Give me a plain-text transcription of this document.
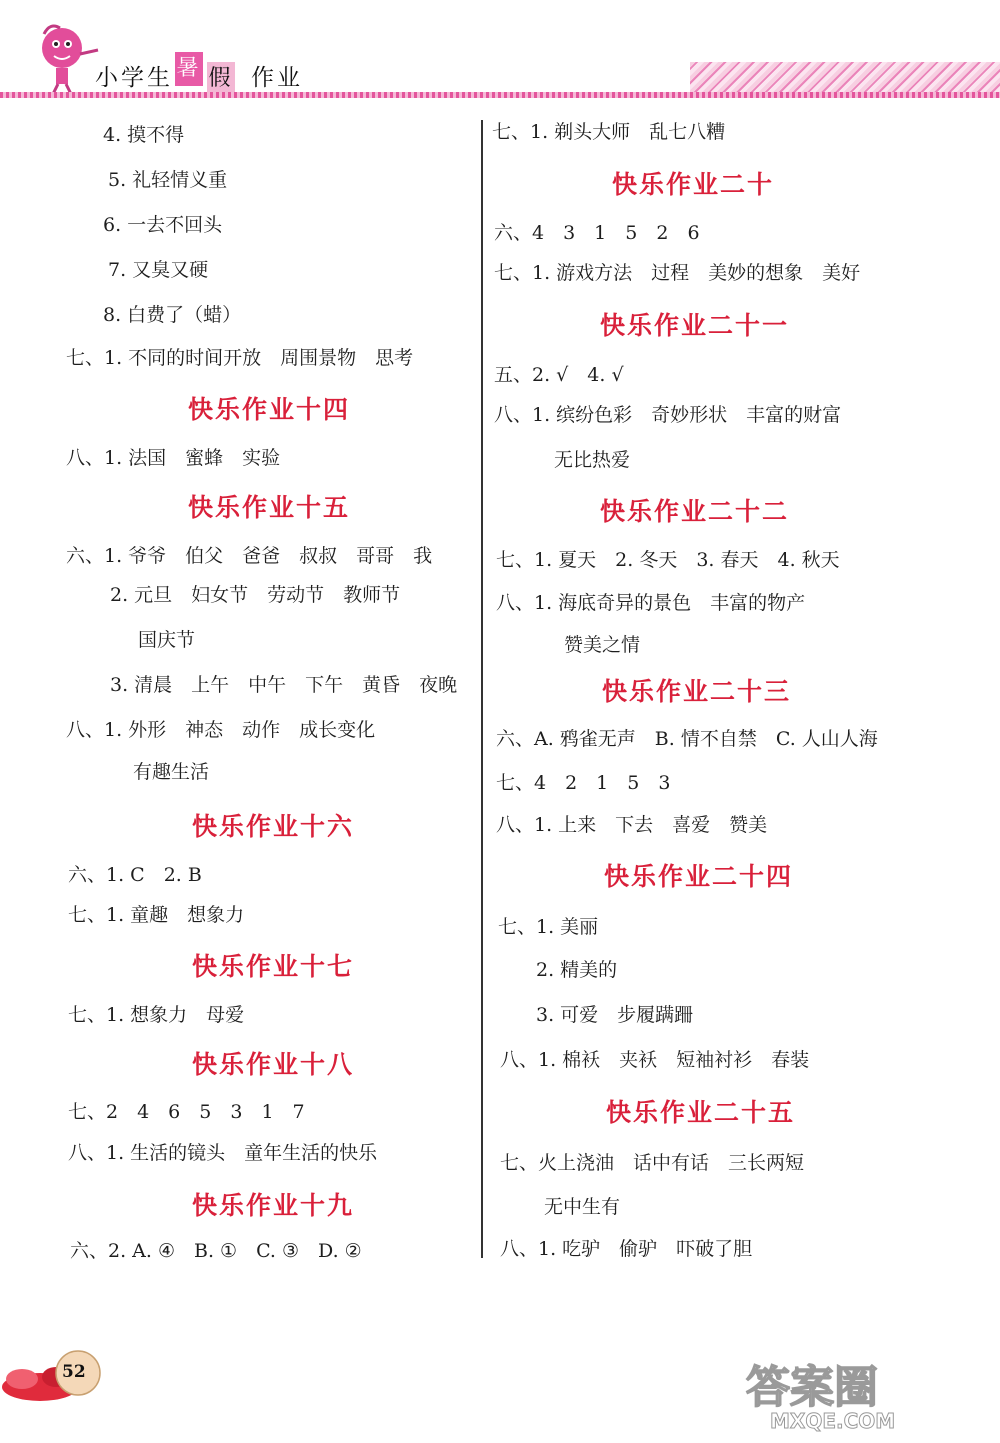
小学生 暑 假 作业
4. 摸不得
5. 礼轻情义重
6. 一去不回头
7. 又臭又硬
8. 白费了（蜡）
七、1. 不同的时间开放　周围景物　思考
快乐作业十四
八、1. 法国　蜜蜂　实验
快乐作业十五
六、1. 爷爷　伯父　爸爸　叔叔　哥哥　我
2. 元旦　妇女节　劳动节　教师节
国庆节
3. 清晨　上午　中午　下午　黄昏　夜晚
八、1. 外形　神态　动作　成长变化
有趣生活
快乐作业十六
六、1. C　2. B
七、1. 童趣　想象力
快乐作业十七
七、1. 想象力　母爱
快乐作业十八
七、2　4　6　5　3　1　7
八、1. 生活的镜头　童年生活的快乐
快乐作业十九
六、2. A. ④　B. ①　C. ③　D. ②
七、1. 剃头大师　乱七八糟
快乐作业二十
六、4　3　1　5　2　6
七、1. 游戏方法　过程　美妙的想象　美好
快乐作业二十一
五、2. √　4. √
八、1. 缤纷色彩　奇妙形状　丰富的财富
无比热爱
快乐作业二十二
七、1. 夏天　2. 冬天　3. 春天　4. 秋天
八、1. 海底奇异的景色　丰富的物产
赞美之情
快乐作业二十三
六、A. 鸦雀无声　B. 情不自禁　C. 人山人海
七、4　2　1　5　3
八、1. 上来　下去　喜爱　赞美
快乐作业二十四
七、1. 美丽
2. 精美的
3. 可爱　步履蹒跚
八、1. 棉袄　夹袄　短袖衬衫　春装
快乐作业二十五
七、火上浇油　话中有话　三长两短
无中生有
八、1. 吃驴　偷驴　吓破了胆
52	答案圈
MXQE.COM
